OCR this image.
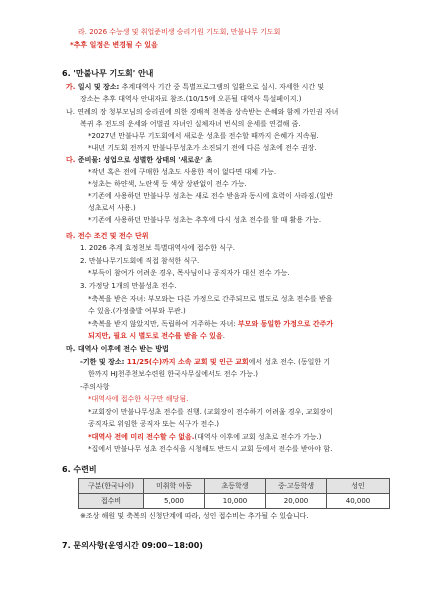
라. 2026 수능생 및 취업준비생 승리기원 기도회, 만불나무 기도회
*추후 일정은 변경될 수 있음
6. '만불나무 기도회' 안내
가. 일시 및 장소: 추계대역사 기간 중 특별프로그램의 일환으로 실시. 자세한 시간 및
장소는 추후 대역사 안내자료 참조.(10/15에 오픈될 대역사 특설페이지.)
나. 연례의 장 청부모님의 승리권에 의한 경배적 천복음 상속받는 은혜와 함께 가인권 자녀
복귀 추 전도의 운세와 어벌권 자녀인 실체자녀 번식의 운세를 연결해 줌.
*2027년 만불나무 기도회에서 새로운 성초를 전수할 때까지 은혜가 지속됨.
*내년 기도회 전까지 만불나무성초가 소진되기 전에 다른 성초에 전수 권장.
다. 준비물: 성업으로 성별한 상태의 '새로운' 초
*작년 혹은 전에 구매한 성초도 사용한 적이 없다면 대체 가능.
*성초는 하얀색, 노란색 등 색상 상관없이 전수 가능.
*기존에 사용하던 만불나무 성초는 새로 전수 받음과 동시에 효력이 사라짐.(일반
성초로서 사용.)
*기존에 사용하던 만불나무 성초는 추후에 다시 성초 전수를 할 때 활용 가능.
라. 전수 조건 및 전수 단위
1. 2026 추계 효정천보 특별대역사에 접수한 식구.
2. 만불나무기도회에 직접 참석한 식구.
*부득이 참여가 어려운 경우, 목사님이나 공직자가 대신 전수 가능.
3. 가정당 1개의 만불성초 전수.
*축복을 받은 자녀: 부모와는 다른 가정으로 간주되므로 별도로 성초 전수를 받을
수 있음.(가정출발 여부와 무관.)
*축복을 받지 않았지만, 독립하여 거주하는 자녀: 부모와 동일한 가정으로 간주가
되지만, 필요 시 별도로 전수를 받을 수 있음.
마. 대역사 이후에 전수 받는 방법
-기한 및 장소: 11/25(수)까지 소속 교회 및 인근 교회에서 성초 전수. (동일한 기
한까지 HJ천주천보수련원 한국사무실에서도 전수 가능.)
-주의사항
*대역사에 접수한 식구만 해당됨.
*교회장이 만불나무성초 전수를 진행. (교회장이 전수하기 어려울 경우, 교회장이
공직자로 위임한 공직자 또는 식구가 전수.)
*대역사 전에 미리 전수할 수 없음.(대역사 이후에 교회 성초로 전수가 가능.)
*집에서 만불나무 성초 전수식을 시청해도 반드시 교회 등에서 전수를 받아야 함.
6. 수련비
구분(한국나이)	미취학 아동	초등학생	중·고등학생	성인
접수비	5,000	10,000	20,000	40,000
※조상 해원 및 축복의 신청단계에 따라, 성인 접수비는 추가될 수 있습니다.
7. 문의사항(운영시간 09:00~18:00)
